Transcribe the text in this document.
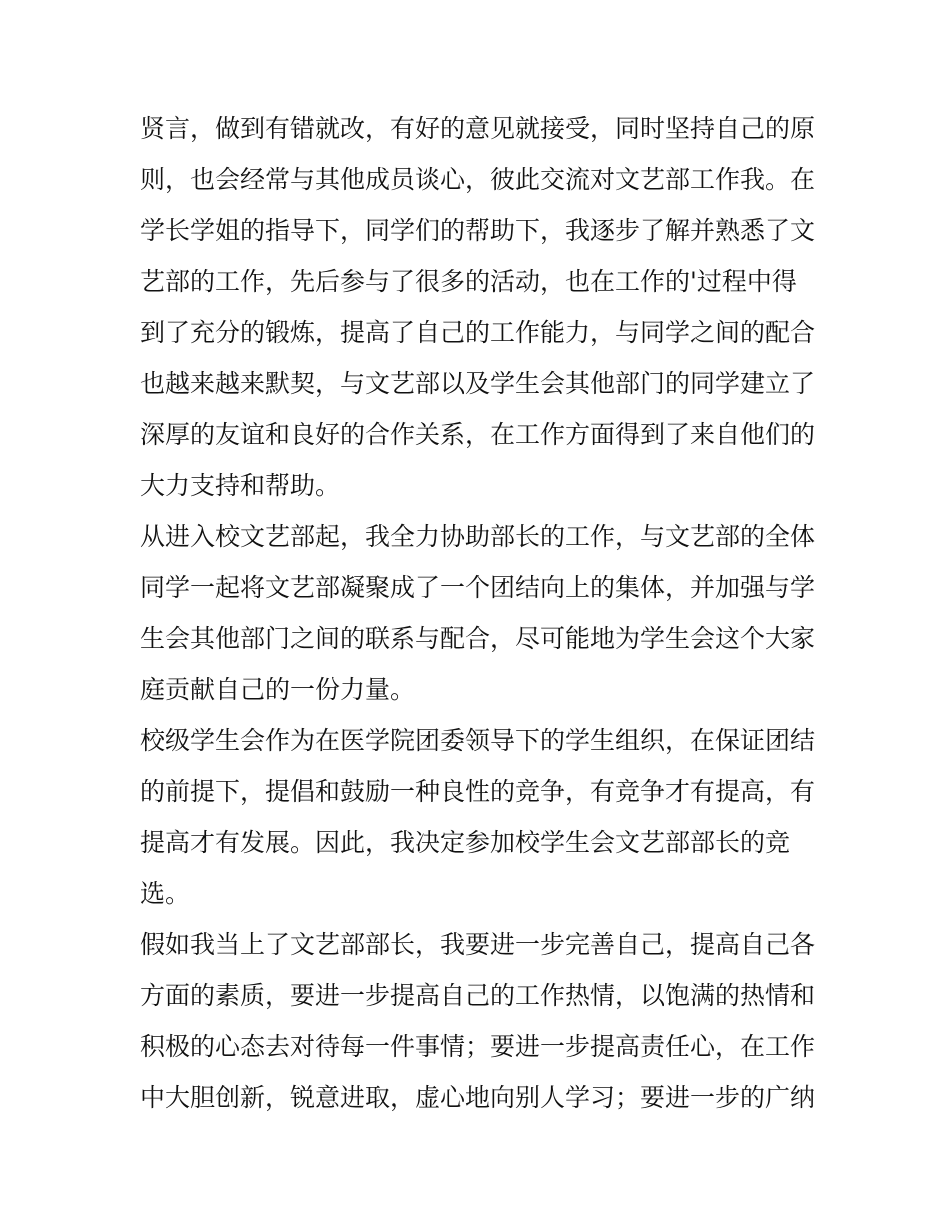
贤言，做到有错就改，有好的意见就接受，同时坚持自己的原
则，也会经常与其他成员谈心，彼此交流对文艺部工作我。在
学长学姐的指导下，同学们的帮助下，我逐步了解并熟悉了文
艺部的工作，先后参与了很多的活动，也在工作的'过程中得
到了充分的锻炼，提高了自己的工作能力，与同学之间的配合
也越来越来默契，与文艺部以及学生会其他部门的同学建立了
深厚的友谊和良好的合作关系，在工作方面得到了来自他们的
大力支持和帮助。
从进入校文艺部起，我全力协助部长的工作，与文艺部的全体
同学一起将文艺部凝聚成了一个团结向上的集体，并加强与学
生会其他部门之间的联系与配合，尽可能地为学生会这个大家
庭贡献自己的一份力量。
校级学生会作为在医学院团委领导下的学生组织，在保证团结
的前提下，提倡和鼓励一种良性的竞争，有竞争才有提高，有
提高才有发展。因此，我决定参加校学生会文艺部部长的竞
选。
假如我当上了文艺部部长，我要进一步完善自己，提高自己各
方面的素质，要进一步提高自己的工作热情，以饱满的热情和
积极的心态去对待每一件事情；要进一步提高责任心，在工作
中大胆创新，锐意进取，虚心地向别人学习；要进一步的广纳
